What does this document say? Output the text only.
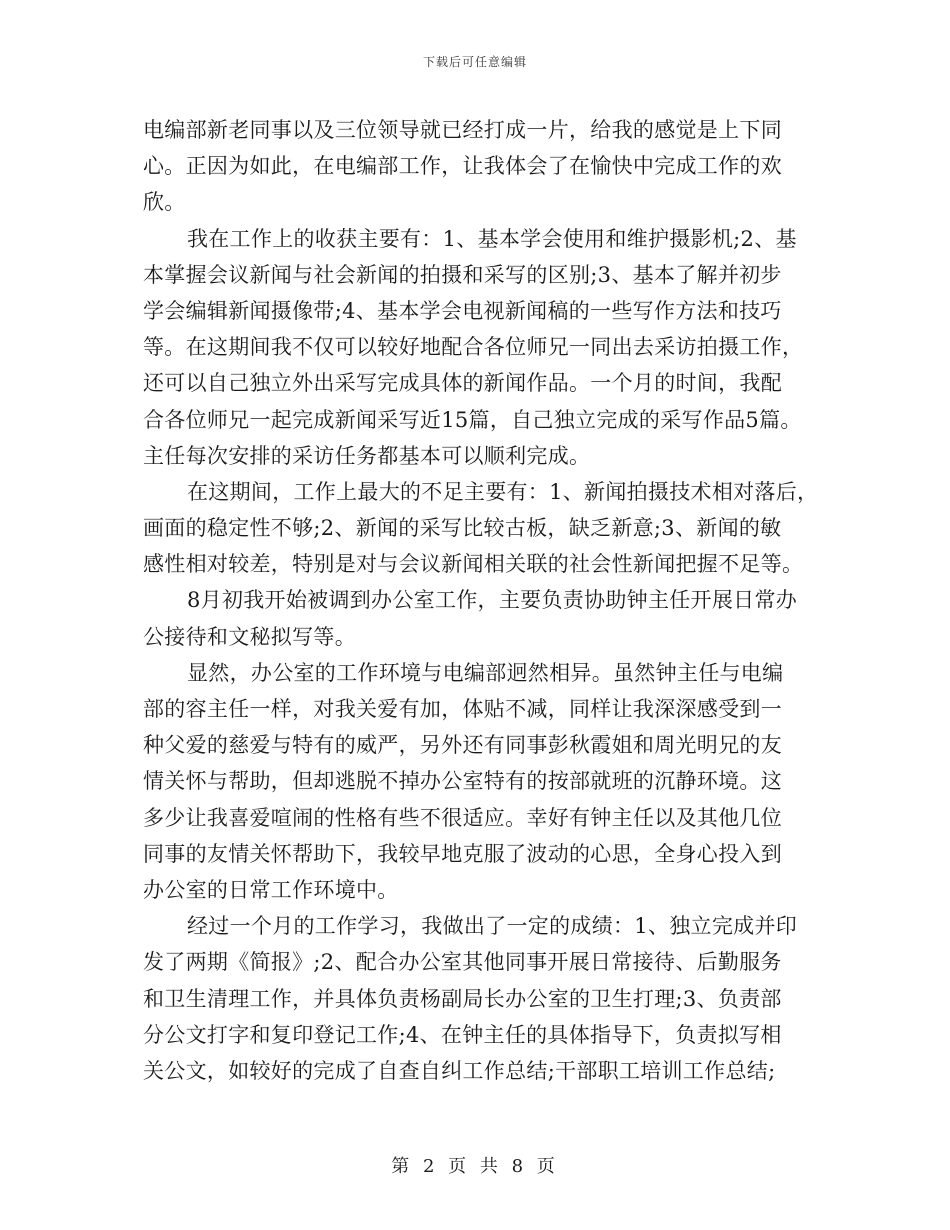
下载后可任意编辑
电编部新老同事以及三位领导就已经打成一片，给我的感觉是上下同
心。正因为如此，在电编部工作，让我体会了在愉快中完成工作的欢
欣。
我在工作上的收获主要有：1、基本学会使用和维护摄影机;2、基
本掌握会议新闻与社会新闻的拍摄和采写的区别;3、基本了解并初步
学会编辑新闻摄像带;4、基本学会电视新闻稿的一些写作方法和技巧
等。在这期间我不仅可以较好地配合各位师兄一同出去采访拍摄工作，
还可以自己独立外出采写完成具体的新闻作品。一个月的时间，我配
合各位师兄一起完成新闻采写近15篇，自己独立完成的采写作品5篇。
主任每次安排的采访任务都基本可以顺利完成。
在这期间，工作上最大的不足主要有：1、新闻拍摄技术相对落后，
画面的稳定性不够;2、新闻的采写比较古板，缺乏新意;3、新闻的敏
感性相对较差，特别是对与会议新闻相关联的社会性新闻把握不足等。
8月初我开始被调到办公室工作，主要负责协助钟主任开展日常办
公接待和文秘拟写等。
显然，办公室的工作环境与电编部迥然相异。虽然钟主任与电编
部的容主任一样，对我关爱有加，体贴不减，同样让我深深感受到一
种父爱的慈爱与特有的威严，另外还有同事彭秋霞姐和周光明兄的友
情关怀与帮助，但却逃脱不掉办公室特有的按部就班的沉静环境。这
多少让我喜爱喧闹的性格有些不很适应。幸好有钟主任以及其他几位
同事的友情关怀帮助下，我较早地克服了波动的心思，全身心投入到
办公室的日常工作环境中。
经过一个月的工作学习，我做出了一定的成绩：1、独立完成并印
发了两期《简报》;2、配合办公室其他同事开展日常接待、后勤服务
和卫生清理工作，并具体负责杨副局长办公室的卫生打理;3、负责部
分公文打字和复印登记工作;4、在钟主任的具体指导下，负责拟写相
关公文，如较好的完成了自查自纠工作总结;干部职工培训工作总结;
第 2 页 共 8 页
